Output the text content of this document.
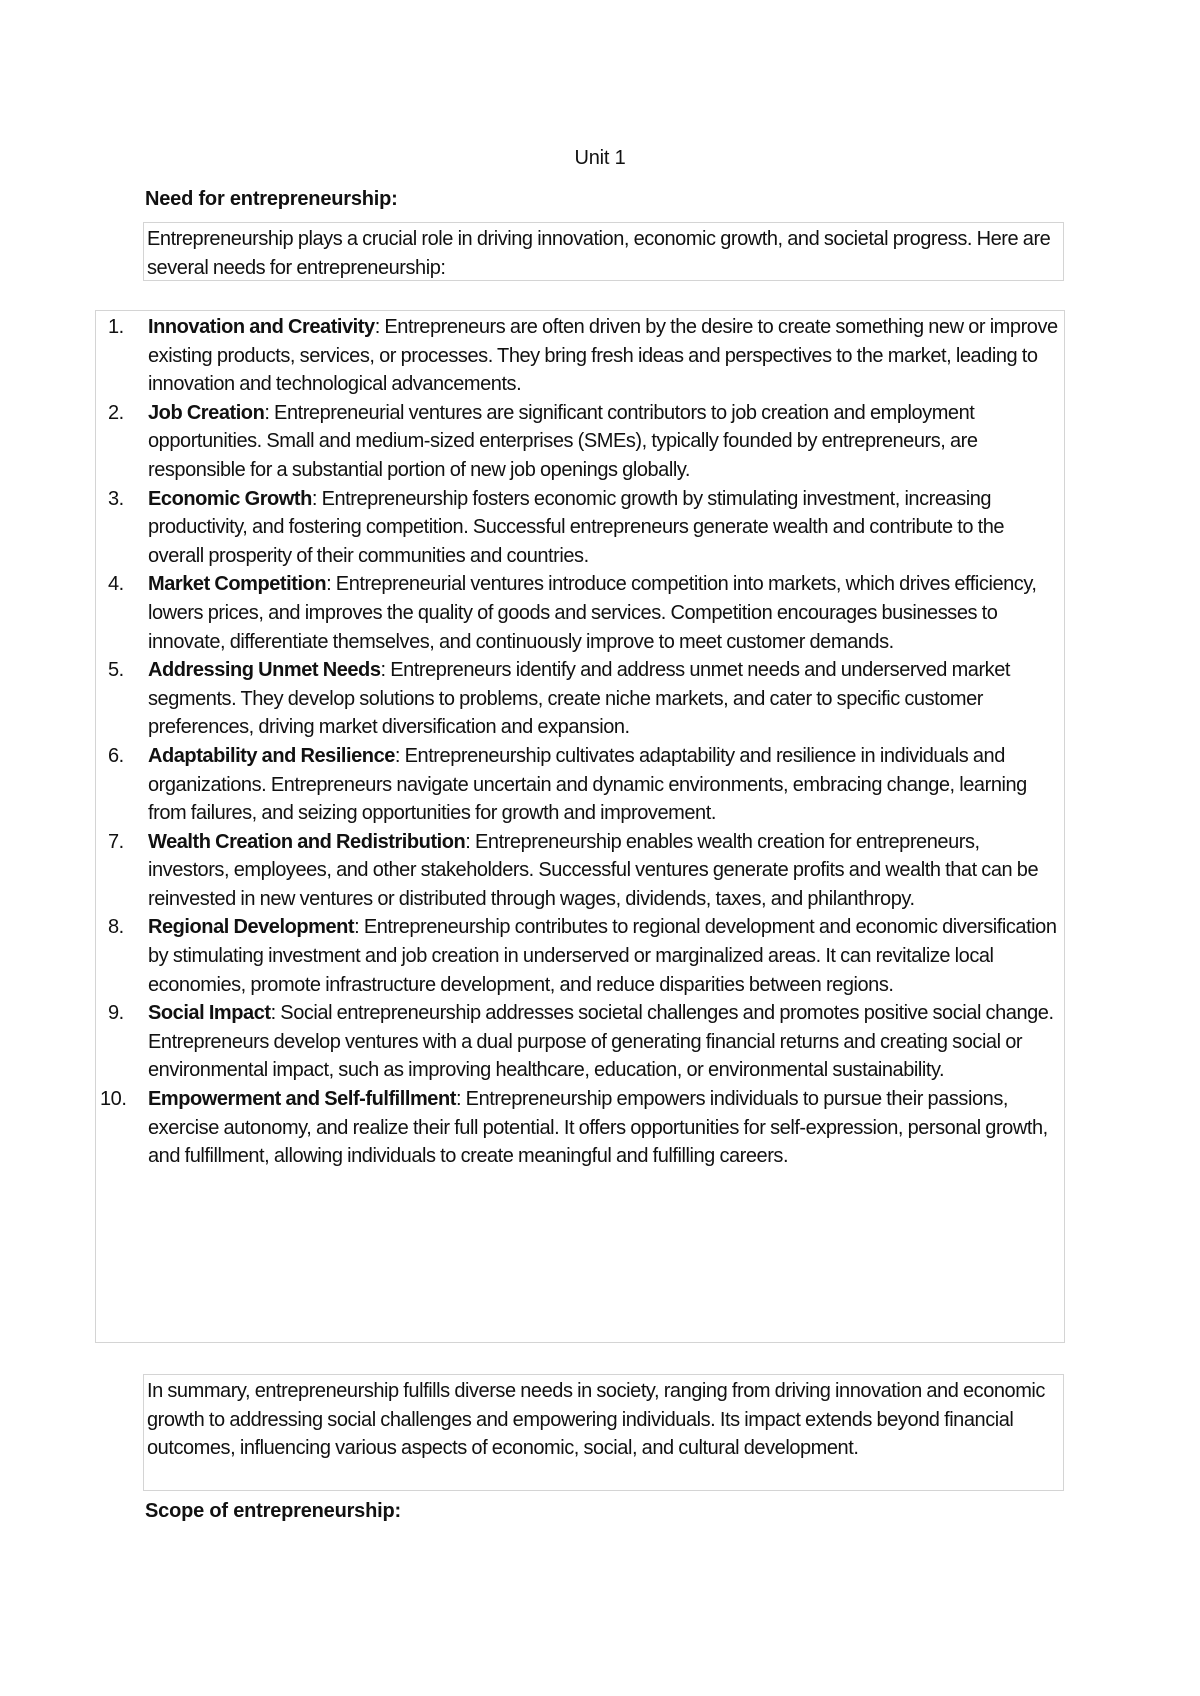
Unit 1
Need for entrepreneurship:
Entrepreneurship plays a crucial role in driving innovation, economic growth, and societal progress. Here are several needs for entrepreneurship:
1.	Innovation and Creativity: Entrepreneurs are often driven by the desire to create something new or improve existing products, services, or processes. They bring fresh ideas and perspectives to the market, leading to innovation and technological advancements.
2.	Job Creation: Entrepreneurial ventures are significant contributors to job creation and employment opportunities. Small and medium-sized enterprises (SMEs), typically founded by entrepreneurs, are responsible for a substantial portion of new job openings globally.
3.	Economic Growth: Entrepreneurship fosters economic growth by stimulating investment, increasing productivity, and fostering competition. Successful entrepreneurs generate wealth and contribute to the overall prosperity of their communities and countries.
4.	Market Competition: Entrepreneurial ventures introduce competition into markets, which drives efficiency, lowers prices, and improves the quality of goods and services. Competition encourages businesses to innovate, differentiate themselves, and continuously improve to meet customer demands.
5.	Addressing Unmet Needs: Entrepreneurs identify and address unmet needs and underserved market segments. They develop solutions to problems, create niche markets, and cater to specific customer preferences, driving market diversification and expansion.
6.	Adaptability and Resilience: Entrepreneurship cultivates adaptability and resilience in individuals and organizations. Entrepreneurs navigate uncertain and dynamic environments, embracing change, learning from failures, and seizing opportunities for growth and improvement.
7.	Wealth Creation and Redistribution: Entrepreneurship enables wealth creation for entrepreneurs, investors, employees, and other stakeholders. Successful ventures generate profits and wealth that can be reinvested in new ventures or distributed through wages, dividends, taxes, and philanthropy.
8.	Regional Development: Entrepreneurship contributes to regional development and economic diversification by stimulating investment and job creation in underserved or marginalized areas. It can revitalize local economies, promote infrastructure development, and reduce disparities between regions.
9.	Social Impact: Social entrepreneurship addresses societal challenges and promotes positive social change. Entrepreneurs develop ventures with a dual purpose of generating financial returns and creating social or environmental impact, such as improving healthcare, education, or environmental sustainability.
10.	Empowerment and Self-fulfillment: Entrepreneurship empowers individuals to pursue their passions, exercise autonomy, and realize their full potential. It offers opportunities for self-expression, personal growth, and fulfillment, allowing individuals to create meaningful and fulfilling careers.
In summary, entrepreneurship fulfills diverse needs in society, ranging from driving innovation and economic growth to addressing social challenges and empowering individuals. Its impact extends beyond financial outcomes, influencing various aspects of economic, social, and cultural development.
Scope of entrepreneurship:
